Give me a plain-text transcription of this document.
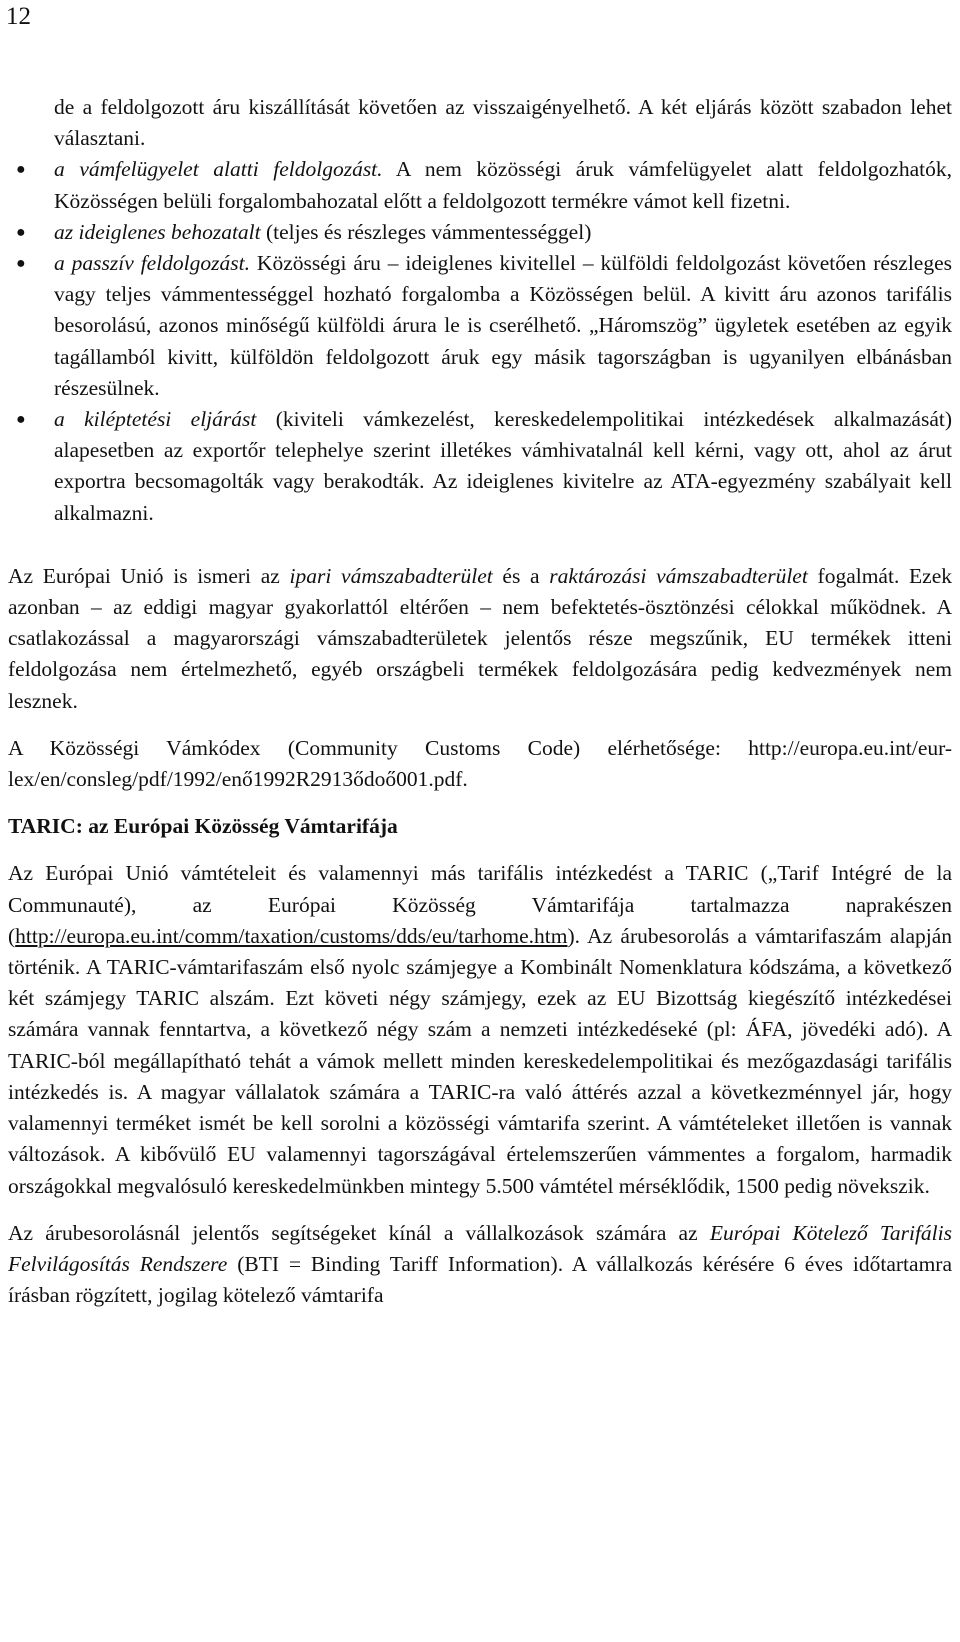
12
de a feldolgozott áru kiszállítását követően az visszaigényelhető. A két eljárás között szabadon lehet választani.
● a vámfelügyelet alatti feldolgozást. A nem közösségi áruk vámfelügyelet alatt feldolgozhatók, Közösségen belüli forgalombahozatal előtt a feldolgozott termékre vámot kell fizetni.
● az ideiglenes behozatalt (teljes és részleges vámmentességgel)
● a passzív feldolgozást. Közösségi áru – ideiglenes kivitellel – külföldi feldolgozást követően részleges vagy teljes vámmentességgel hozható forgalomba a Közösségen belül. A kivitt áru azonos tarifális besorolású, azonos minőségű külföldi árura le is cserélhető. „Háromszög” ügyletek esetében az egyik tagállamból kivitt, külföldön feldolgozott áruk egy másik tagországban is ugyanilyen elbánásban részesülnek.
● a kiléptetési eljárást (kiviteli vámkezelést, kereskedelempolitikai intézkedések alkalmazását) alapesetben az exportőr telephelye szerint illetékes vámhivatalnál kell kérni, vagy ott, ahol az árut exportra becsomagolták vagy berakodták. Az ideiglenes kivitelre az ATA-egyezmény szabályait kell alkalmazni.

Az Európai Unió is ismeri az ipari vámszabadterület és a raktározási vámszabadterület fogalmát. Ezek azonban – az eddigi magyar gyakorlattól eltérően – nem befektetés-ösztönzési célokkal működnek. A csatlakozással a magyarországi vámszabadterületek jelentős része megszűnik, EU termékek itteni feldolgozása nem értelmezhető, egyéb országbeli termékek feldolgozására pedig kedvezmények nem lesznek.

A Közösségi Vámkódex (Community Customs Code) elérhetősége: http://europa.eu.int/eur-lex/en/consleg/pdf/1992/enő1992R2913ődoő001.pdf.

TARIC: az Európai Közösség Vámtarifája

Az Európai Unió vámtételeit és valamennyi más tarifális intézkedést a TARIC („Tarif Intégré de la Communauté), az Európai Közösség Vámtarifája tartalmazza naprakészen (http://europa.eu.int/comm/taxation/customs/dds/eu/tarhome.htm). Az árubesorolás a vámtarifaszám alapján történik. A TARIC-vámtarifaszám első nyolc számjegye a Kombinált Nomenklatura kódszáma, a következő két számjegy TARIC alszám. Ezt követi négy számjegy, ezek az EU Bizottság kiegészítő intézkedései számára vannak fenntartva, a következő négy szám a nemzeti intézkedéseké (pl: ÁFA, jövedéki adó). A TARIC-ból megállapítható tehát a vámok mellett minden kereskedelempolitikai és mezőgazdasági tarifális intézkedés is. A magyar vállalatok számára a TARIC-ra való áttérés azzal a következménnyel jár, hogy valamennyi terméket ismét be kell sorolni a közösségi vámtarifa szerint. A vámtételeket illetően is vannak változások. A kibővülő EU valamennyi tagországával értelemszerűen vámmentes a forgalom, harmadik országokkal megvalósuló kereskedelmünkben mintegy 5.500 vámtétel mérséklődik, 1500 pedig növekszik.

Az árubesorolásnál jelentős segítségeket kínál a vállalkozások számára az Európai Kötelező Tarifális Felvilágosítás Rendszere (BTI = Binding Tariff Information). A vállalkozás kérésére 6 éves időtartamra írásban rögzített, jogilag kötelező vámtarifa
